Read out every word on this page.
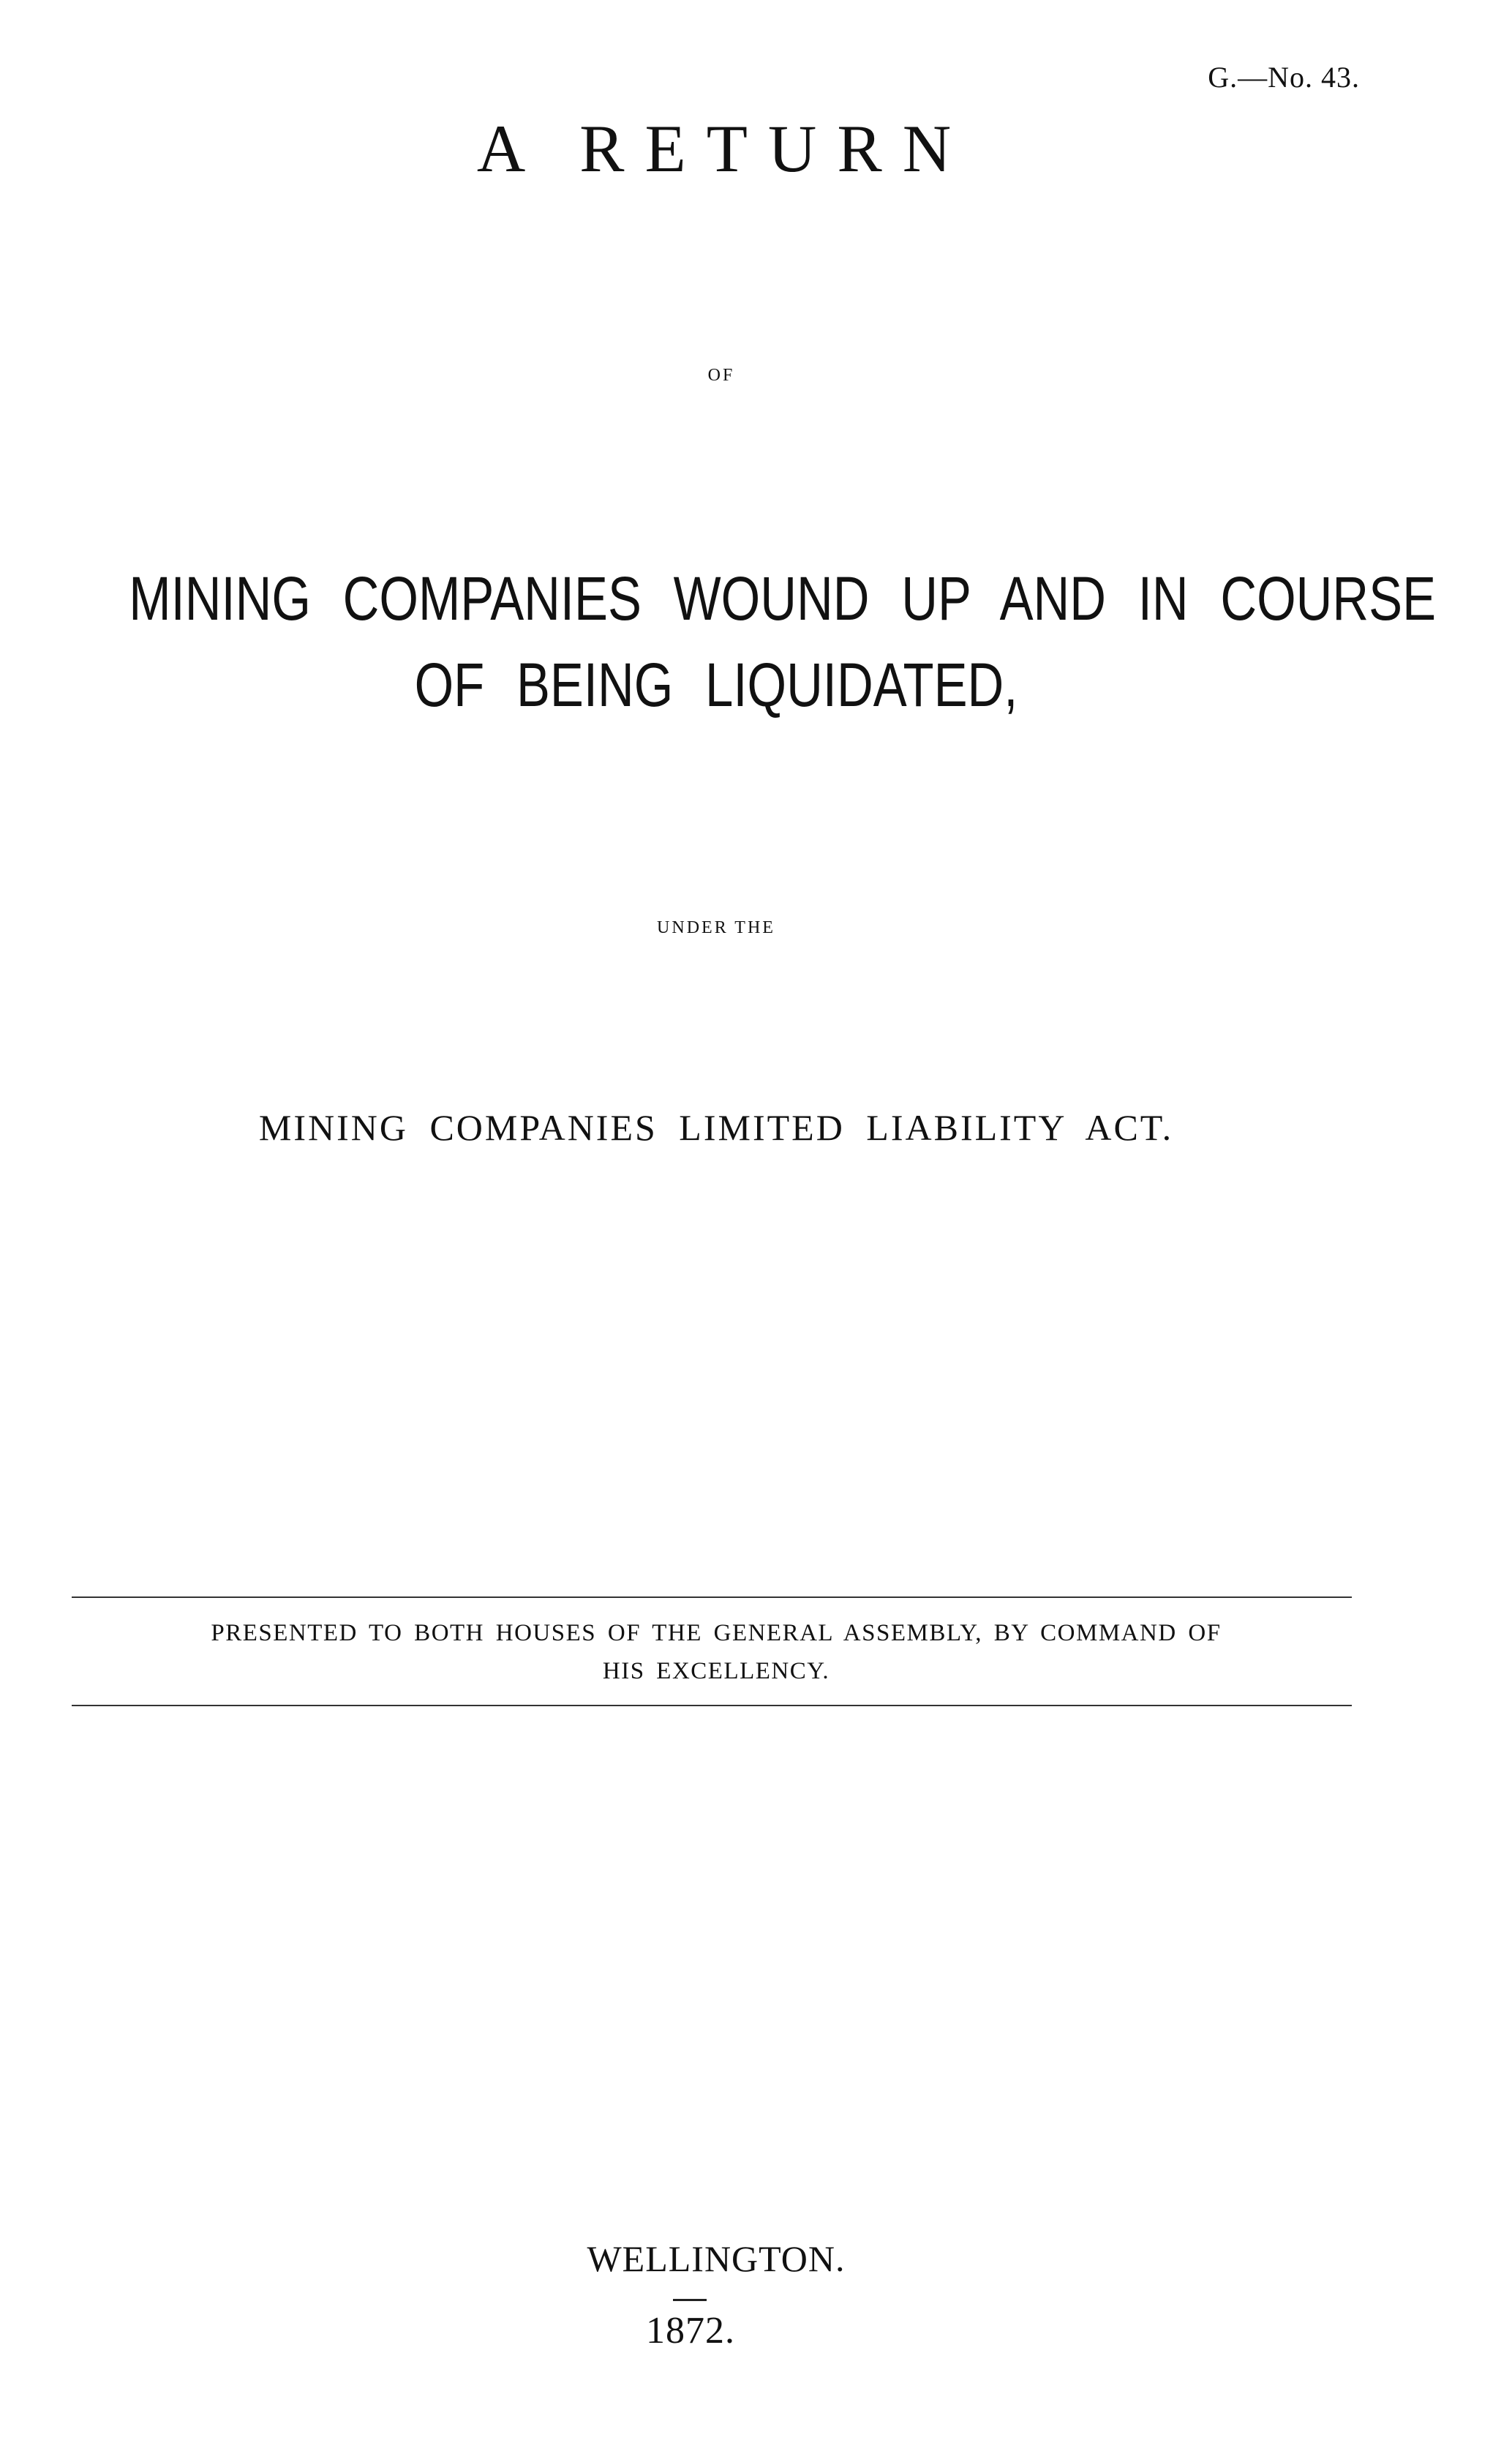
G.—No. 43.
A RETURN
OF
MINING COMPANIES WOUND UP AND IN COURSE
OF BEING LIQUIDATED,
UNDER THE
MINING COMPANIES LIMITED LIABILITY ACT.
PRESENTED TO BOTH HOUSES OF THE GENERAL ASSEMBLY, BY COMMAND OF
HIS EXCELLENCY.
WELLINGTON.
1872.
